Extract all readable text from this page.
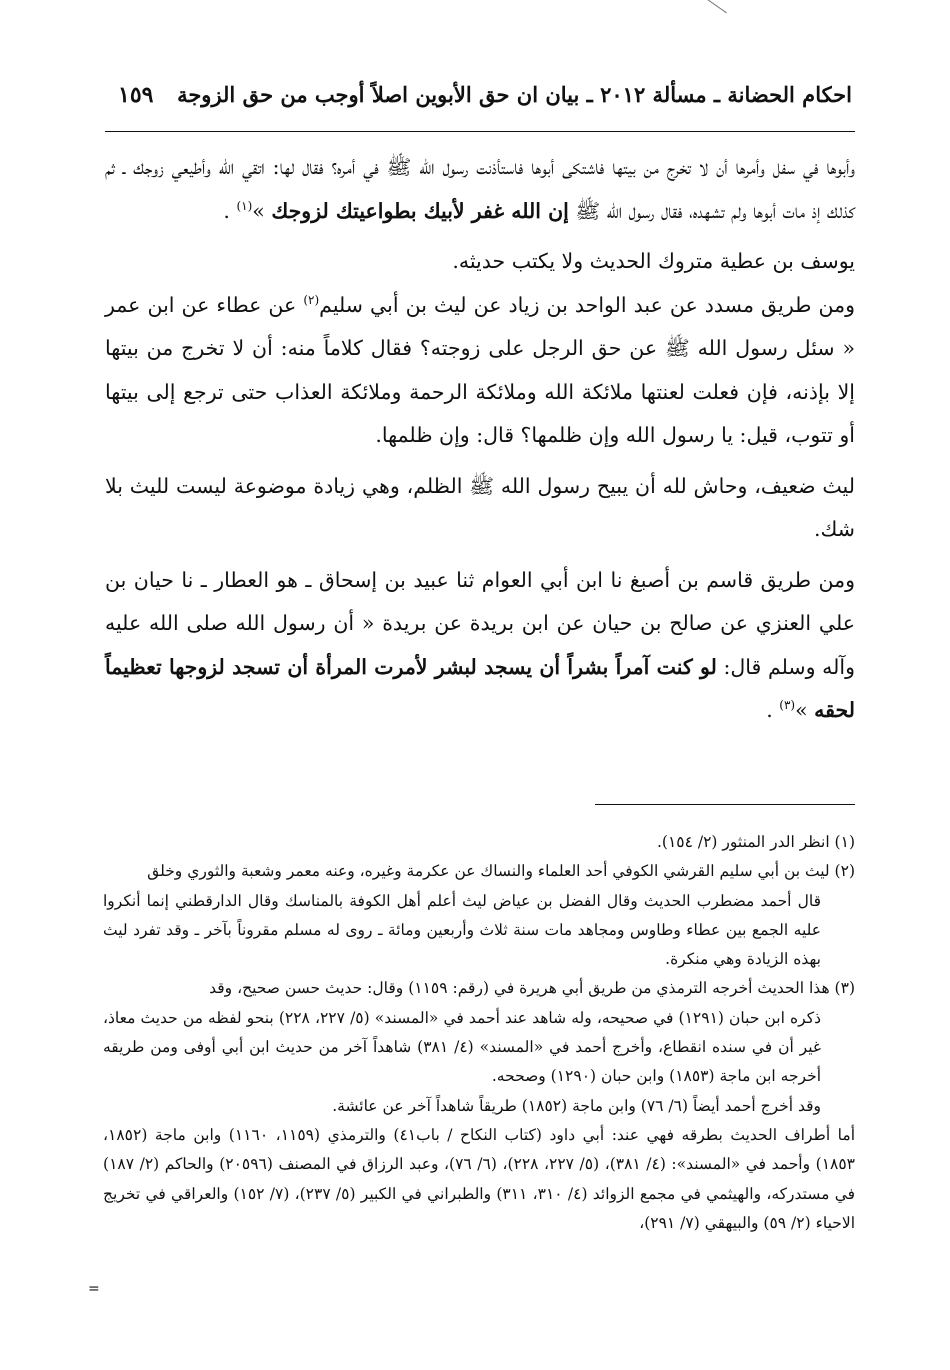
احكام الحضانة ـ مسألة ٢٠١٢ ـ بيان ان حق الأبوين اصلاً أوجب من حق الزوجة
١٥٩

وأبوها في سفل وأمرها أن لا تخرج من بيتها فاشتكى أبوها فاستأذنت رسول الله ﷺ في أمره؟ فقال لها: اتقي الله وأطيعي زوجك ـ ثم كذلك إذ مات أبوها ولم تشهده، فقال رسول الله ﷺ إن الله غفر لأبيك بطواعيتك لزوجك »$^{(١)}$ .

يوسف بن عطية متروك الحديث ولا يكتب حديثه.

ومن طريق مسدد عن عبد الواحد بن زياد عن ليث بن أبي سليم$^{(٢)}$ عن عطاء عن ابن عمر « سئل رسول الله ﷺ عن حق الرجل على زوجته؟ فقال كلاماً منه: أن لا تخرج من بيتها إلا بإذنه، فإن فعلت لعنتها ملائكة الله وملائكة الرحمة وملائكة العذاب حتى ترجع إلى بيتها أو تتوب، قيل: يا رسول الله وإن ظلمها؟ قال: وإن ظلمها.

ليث ضعيف، وحاش لله أن يبيح رسول الله ﷺ الظلم، وهي زيادة موضوعة ليست لليث بلا شك.

ومن طريق قاسم بن أصبغ نا ابن أبي العوام ثنا عبيد بن إسحاق ـ هو العطار ـ نا حيان بن علي العنزي عن صالح بن حيان عن ابن بريدة عن بريدة « أن رسول الله صلى الله عليه وآله وسلم قال: لو كنت آمراً بشراً أن يسجد لبشر لأمرت المرأة أن تسجد لزوجها تعظيماً لحقه »$^{(٣)}$ .

(١) انظر الدر المنثور (٢/ ١٥٤).

(٢) ليث بن أبي سليم القرشي الكوفي أحد العلماء والنساك عن عكرمة وغيره، وعنه معمر وشعبة والثوري وخلق

قال أحمد مضطرب الحديث وقال الفضل بن عياض ليث أعلم أهل الكوفة بالمناسك وقال الدارقطني إنما أنكروا عليه الجمع بين عطاء وطاوس ومجاهد مات سنة ثلاث وأربعين ومائة ـ روى له مسلم مقروناً بآخر ـ وقد تفرد ليث بهذه الزيادة وهي منكرة.

(٣) هذا الحديث أخرجه الترمذي من طريق أبي هريرة في (رقم: ١١٥٩) وقال: حديث حسن صحيح، وقد

ذكره ابن حبان (١٢٩١) في صحيحه، وله شاهد عند أحمد في «المسند» (٥/ ٢٢٧، ٢٢٨) بنحو لفظه من حديث معاذ، غير أن في سنده انقطاع، وأخرج أحمد في «المسند» (٤/ ٣٨١) شاهداً آخر من حديث ابن أبي أوفى ومن طريقه أخرجه ابن ماجة (١٨٥٣) وابن حبان (١٢٩٠) وصححه.

وقد أخرج أحمد أيضاً (٦/ ٧٦) وابن ماجة (١٨٥٢) طريقاً شاهداً آخر عن عائشة.

أما أطراف الحديث بطرقه فهي عند: أبي داود (كتاب النكاح / باب٤١) والترمذي (١١٥٩، ١١٦٠) وابن ماجة (١٨٥٢، ١٨٥٣) وأحمد في «المسند»: (٤/ ٣٨١)، (٥/ ٢٢٧، ٢٢٨)، (٦/ ٧٦)، وعبد الرزاق في المصنف (٢٠٥٩٦) والحاكم (٢/ ١٨٧) في مستدركه، والهيثمي في مجمع الزوائد (٤/ ٣١٠، ٣١١) والطبراني في الكبير (٥/ ٢٣٧)، (٧/ ١٥٢) والعراقي في تخريج الاحياء (٢/ ٥٩) والبيهقي (٧/ ٢٩١)،

=
